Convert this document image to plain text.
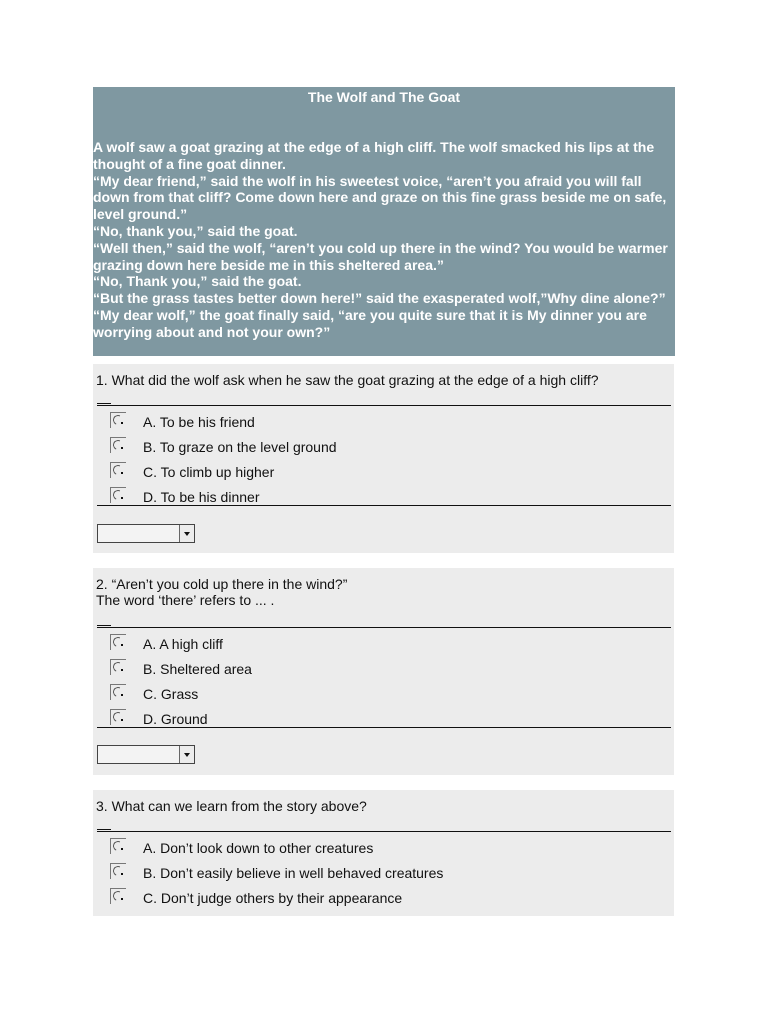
The Wolf and The Goat

A wolf saw a goat grazing at the edge of a high cliff. The wolf smacked his lips at the thought of a fine goat dinner.

“My dear friend,” said the wolf in his sweetest voice, “aren’t you afraid you will fall down from that cliff? Come down here and graze on this fine grass beside me on safe, level ground.”

“No, thank you,” said the goat.

“Well then,” said the wolf, “aren’t you cold up there in the wind? You would be warmer grazing down here beside me in this sheltered area.”

“No, Thank you,” said the goat.

“But the grass tastes better down here!” said the exasperated wolf,”Why dine alone?”

“My dear wolf,” the goat finally said, “are you quite sure that it is My dinner you are worrying about and not your own?”

1. What did the wolf ask when he saw the goat grazing at the edge of a high cliff?
A. To be his friend
B. To graze on the level ground
C. To climb up higher
D. To be his dinner
2. “Aren’t you cold up there in the wind?”
The word ‘there’ refers to ... .
A. A high cliff
B. Sheltered area
C. Grass
D. Ground
3. What can we learn from the story above?
A. Don’t look down to other creatures
B. Don’t easily believe in well behaved creatures
C. Don’t judge others by their appearance
